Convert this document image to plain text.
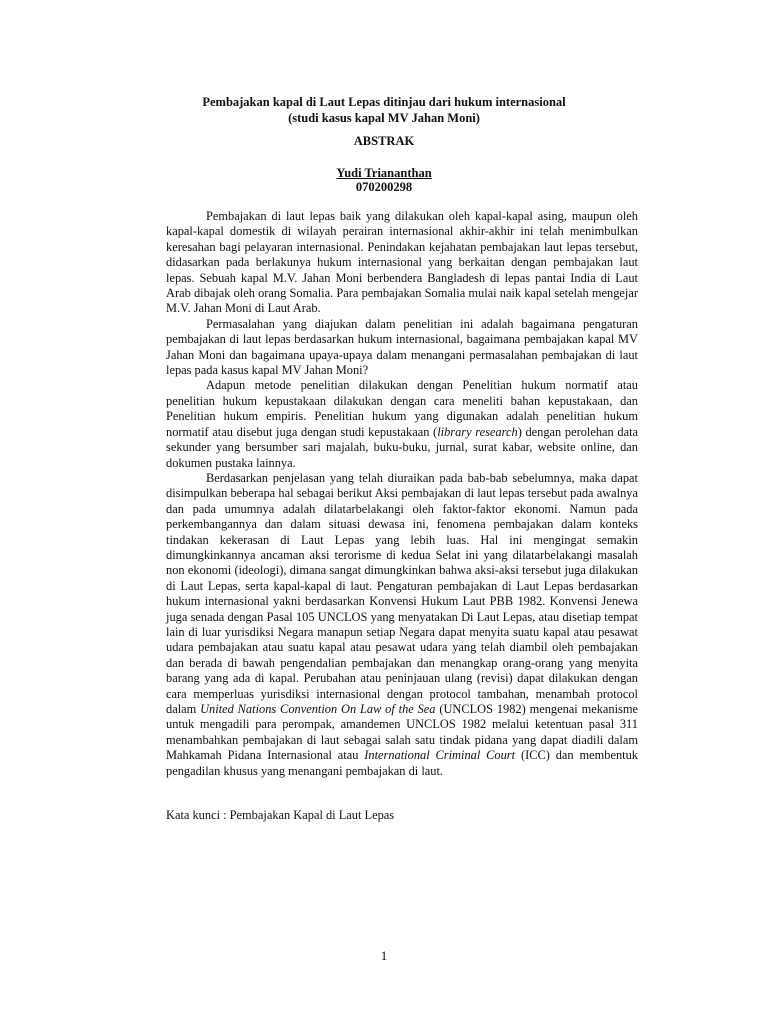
Pembajakan kapal di Laut Lepas ditinjau dari hukum internasional
(studi kasus kapal MV Jahan Moni)
ABSTRAK
Yudi Triananthan
070200298

Pembajakan di laut lepas baik yang dilakukan oleh kapal-kapal asing, maupun oleh kapal-kapal domestik di wilayah perairan internasional akhir-akhir ini telah menimbulkan keresahan bagi pelayaran internasional. Penindakan kejahatan pembajakan laut lepas tersebut, didasarkan pada berlakunya hukum internasional yang berkaitan dengan pembajakan laut lepas. Sebuah kapal M.V. Jahan Moni berbendera Bangladesh di lepas pantai India di Laut Arab dibajak oleh orang Somalia. Para pembajakan Somalia mulai naik kapal setelah mengejar M.V. Jahan Moni di Laut Arab.

Permasalahan yang diajukan dalam penelitian ini adalah bagaimana pengaturan pembajakan di laut lepas berdasarkan hukum internasional, bagaimana pembajakan kapal MV Jahan Moni dan bagaimana upaya-upaya dalam menangani permasalahan pembajakan di laut lepas pada kasus kapal MV Jahan Moni?

Adapun metode penelitian dilakukan dengan Penelitian hukum normatif atau penelitian hukum kepustakaan dilakukan dengan cara meneliti bahan kepustakaan, dan Penelitian hukum empiris. Penelitian hukum yang digunakan adalah penelitian hukum normatif atau disebut juga dengan studi kepustakaan (library research) dengan perolehan data sekunder yang bersumber sari majalah, buku-buku, jurnal, surat kabar, website online, dan dokumen pustaka lainnya.

Berdasarkan penjelasan yang telah diuraikan pada bab-bab sebelumnya, maka dapat disimpulkan beberapa hal sebagai berikut Aksi pembajakan di laut lepas tersebut pada awalnya dan pada umumnya adalah dilatarbelakangi oleh faktor-faktor ekonomi. Namun pada perkembangannya dan dalam situasi dewasa ini, fenomena pembajakan dalam konteks tindakan kekerasan di Laut Lepas yang lebih luas. Hal ini mengingat semakin dimungkinkannya ancaman aksi terorisme di kedua Selat ini yang dilatarbelakangi masalah non ekonomi (ideologi), dimana sangat dimungkinkan bahwa aksi-aksi tersebut juga dilakukan di Laut Lepas, serta kapal-kapal di laut. Pengaturan pembajakan di Laut Lepas berdasarkan hukum internasional yakni berdasarkan Konvensi Hukum Laut PBB 1982. Konvensi Jenewa juga senada dengan Pasal 105 UNCLOS yang menyatakan Di Laut Lepas, atau disetiap tempat lain di luar yurisdiksi Negara manapun setiap Negara dapat menyita suatu kapal atau pesawat udara pembajakan atau suatu kapal atau pesawat udara yang telah diambil oleh pembajakan dan berada di bawah pengendalian pembajakan dan menangkap orang-orang yang menyita barang yang ada di kapal. Perubahan atau peninjauan ulang (revisi) dapat dilakukan dengan cara memperluas yurisdiksi internasional dengan protocol tambahan, menambah protocol dalam United Nations Convention On Law of the Sea (UNCLOS 1982) mengenai mekanisme untuk mengadili para perompak, amandemen UNCLOS 1982 melalui ketentuan pasal 311 menambahkan pembajakan di laut sebagai salah satu tindak pidana yang dapat diadili dalam Mahkamah Pidana Internasional atau International Criminal Court (ICC) dan membentuk pengadilan khusus yang menangani pembajakan di laut.

Kata kunci : Pembajakan Kapal di Laut Lepas
1
